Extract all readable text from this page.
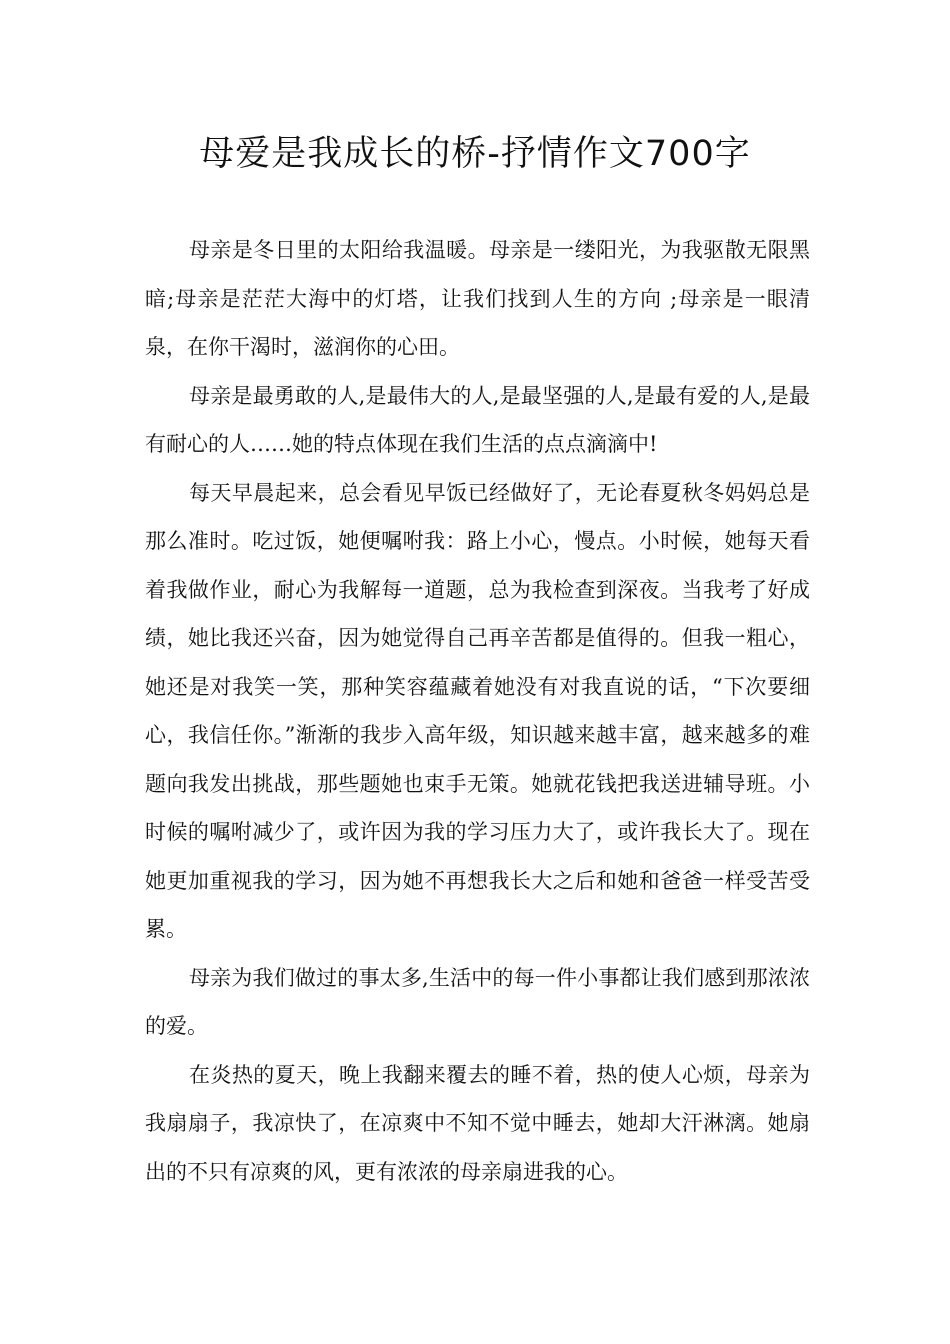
母爱是我成长的桥-抒情作文700字

母亲是冬日里的太阳给我温暖。母亲是一缕阳光，为我驱散无限黑暗;母亲是茫茫大海中的灯塔，让我们找到人生的方向 ;母亲是一眼清泉，在你干渴时，滋润你的心田。

母亲是最勇敢的人,是最伟大的人,是最坚强的人,是最有爱的人,是最有耐心的人……她的特点体现在我们生活的点点滴滴中!

每天早晨起来，总会看见早饭已经做好了，无论春夏秋冬妈妈总是那么准时。吃过饭，她便嘱咐我：路上小心，慢点。小时候，她每天看着我做作业，耐心为我解每一道题，总为我检查到深夜。当我考了好成绩，她比我还兴奋，因为她觉得自己再辛苦都是值得的。但我一粗心，她还是对我笑一笑，那种笑容蕴藏着她没有对我直说的话，“下次要细心，我信任你。”渐渐的我步入高年级，知识越来越丰富，越来越多的难题向我发出挑战，那些题她也束手无策。她就花钱把我送进辅导班。小时候的嘱咐减少了，或许因为我的学习压力大了，或许我长大了。现在她更加重视我的学习，因为她不再想我长大之后和她和爸爸一样受苦受累。

母亲为我们做过的事太多,生活中的每一件小事都让我们感到那浓浓的爱。

在炎热的夏天，晚上我翻来覆去的睡不着，热的使人心烦，母亲为我扇扇子，我凉快了，在凉爽中不知不觉中睡去，她却大汗淋漓。她扇出的不只有凉爽的风，更有浓浓的母亲扇进我的心。
